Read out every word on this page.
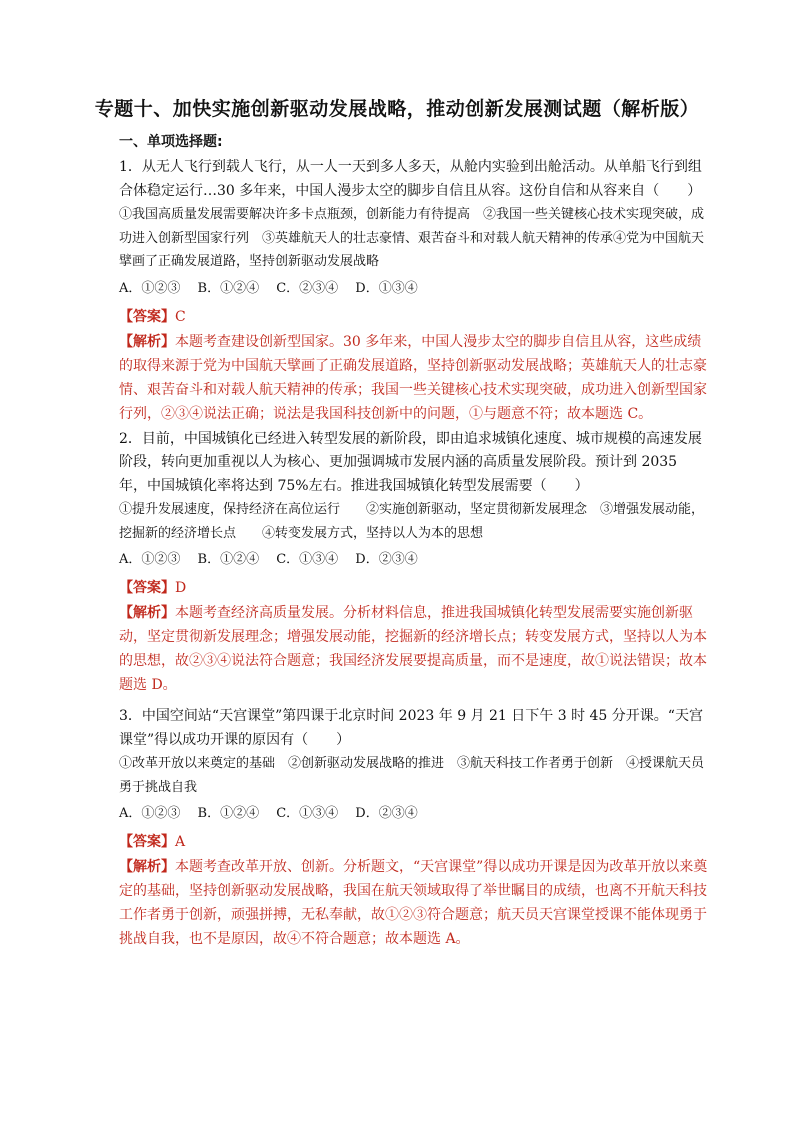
专题十、加快实施创新驱动发展战略，推动创新发展测试题（解析版）
一、单项选择题:

1．从无人飞行到载人飞行，从一人一天到多人多天，从舱内实验到出舱活动。从单船飞行到组合体稳定运行…30 多年来，中国人漫步太空的脚步自信且从容。这份自信和从容来自（　　）

①我国高质量发展需要解决许多卡点瓶颈，创新能力有待提高　②我国一些关键核心技术实现突破，成功进入创新型国家行列　③英雄航天人的壮志豪情、艰苦奋斗和对载人航天精神的传承④党为中国航天擘画了正确发展道路，坚持创新驱动发展战略

A．①②③　 B．①②④　 C．②③④　 D．①③④
【答案】C

【解析】本题考查建设创新型国家。30 多年来，中国人漫步太空的脚步自信且从容，这些成绩的取得来源于党为中国航天擘画了正确发展道路，坚持创新驱动发展战略；英雄航天人的壮志豪情、艰苦奋斗和对载人航天精神的传承；我国一些关键核心技术实现突破，成功进入创新型国家行列，②③④说法正确；说法是我国科技创新中的问题，①与题意不符；故本题选 C。

2．目前，中国城镇化已经进入转型发展的新阶段，即由追求城镇化速度、城市规模的高速发展阶段，转向更加重视以人为核心、更加强调城市发展内涵的高质量发展阶段。预计到 2035 年，中国城镇化率将达到 75%左右。推进我国城镇化转型发展需要（　　）

①提升发展速度，保持经济在高位运行　　②实施创新驱动，坚定贯彻新发展理念　③增强发展动能，挖掘新的经济增长点　　④转变发展方式，坚持以人为本的思想

A．①②③　 B．①②④　 C．①③④　 D．②③④
【答案】D

【解析】本题考查经济高质量发展。分析材料信息，推进我国城镇化转型发展需要实施创新驱动，坚定贯彻新发展理念；增强发展动能，挖掘新的经济增长点；转变发展方式，坚持以人为本的思想，故②③④说法符合题意；我国经济发展要提高质量，而不是速度，故①说法错误；故本题选 D。

3．中国空间站“天宫课堂”第四课于北京时间 2023 年 9 月 21 日下午 3 时 45 分开课。“天宫课堂”得以成功开课的原因有（　　）

①改革开放以来奠定的基础　②创新驱动发展战略的推进　③航天科技工作者勇于创新　④授课航天员勇于挑战自我

A．①②③　 B．①②④　 C．①③④　 D．②③④
【答案】A

【解析】本题考查改革开放、创新。分析题文，“天宫课堂”得以成功开课是因为改革开放以来奠定的基础，坚持创新驱动发展战略，我国在航天领域取得了举世瞩目的成绩，也离不开航天科技工作者勇于创新，顽强拼搏，无私奉献，故①②③符合题意；航天员天宫课堂授课不能体现勇于挑战自我，也不是原因，故④不符合题意；故本题选 A。
